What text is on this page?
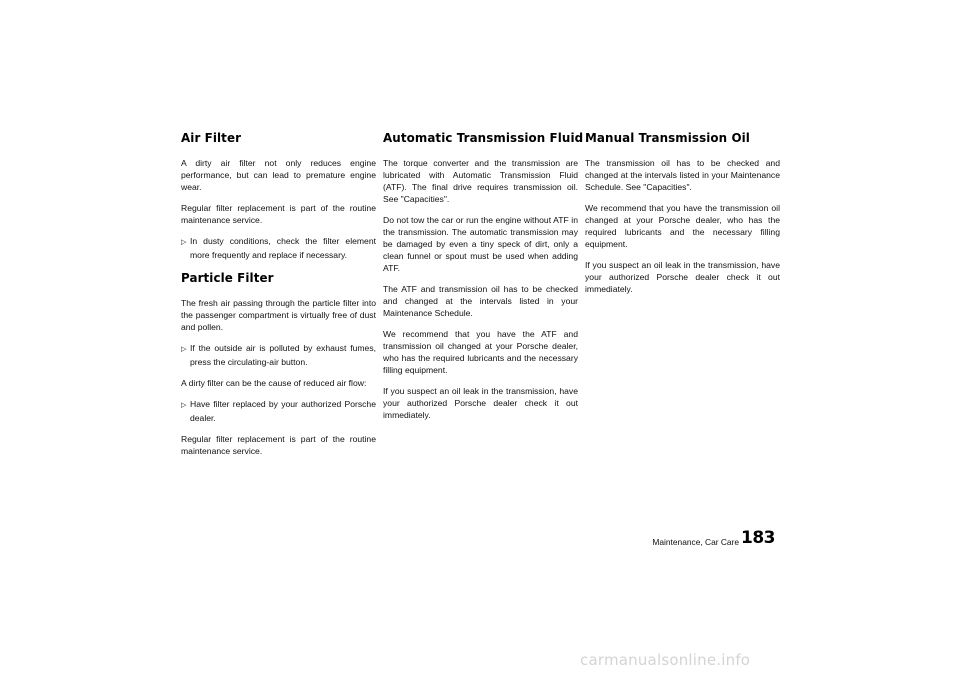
Air Filter

A dirty air filter not only reduces engine performance, but can lead to premature engine wear.

Regular filter replacement is part of the routine maintenance service.

▷ In dusty conditions, check the filter element more frequently and replace if necessary.

Particle Filter

The fresh air passing through the particle filter into the passenger compartment is virtually free of dust and pollen.

▷ If the outside air is polluted by exhaust fumes, press the circulating-air button.

A dirty filter can be the cause of reduced air flow:

▷ Have filter replaced by your authorized Porsche dealer.

Regular filter replacement is part of the routine maintenance service.

Automatic Transmission Fluid

The torque converter and the transmission are lubricated with Automatic Transmission Fluid (ATF). The final drive requires transmission oil. See "Capacities".

Do not tow the car or run the engine without ATF in the transmission. The automatic transmission may be damaged by even a tiny speck of dirt, only a clean funnel or spout must be used when adding ATF.

The ATF and transmission oil has to be checked and changed at the intervals listed in your Maintenance Schedule.

We recommend that you have the ATF and transmission oil changed at your Porsche dealer, who has the required lubricants and the necessary filling equipment.

If you suspect an oil leak in the transmission, have your authorized Porsche dealer check it out immediately.

Manual Transmission Oil

The transmission oil has to be checked and changed at the intervals listed in your Maintenance Schedule. See "Capacities".

We recommend that you have the transmission oil changed at your Porsche dealer, who has the required lubricants and the necessary filling equipment.

If you suspect an oil leak in the transmission, have your authorized Porsche dealer check it out immediately.

Maintenance, Car Care 183
carmanualsonline.info
